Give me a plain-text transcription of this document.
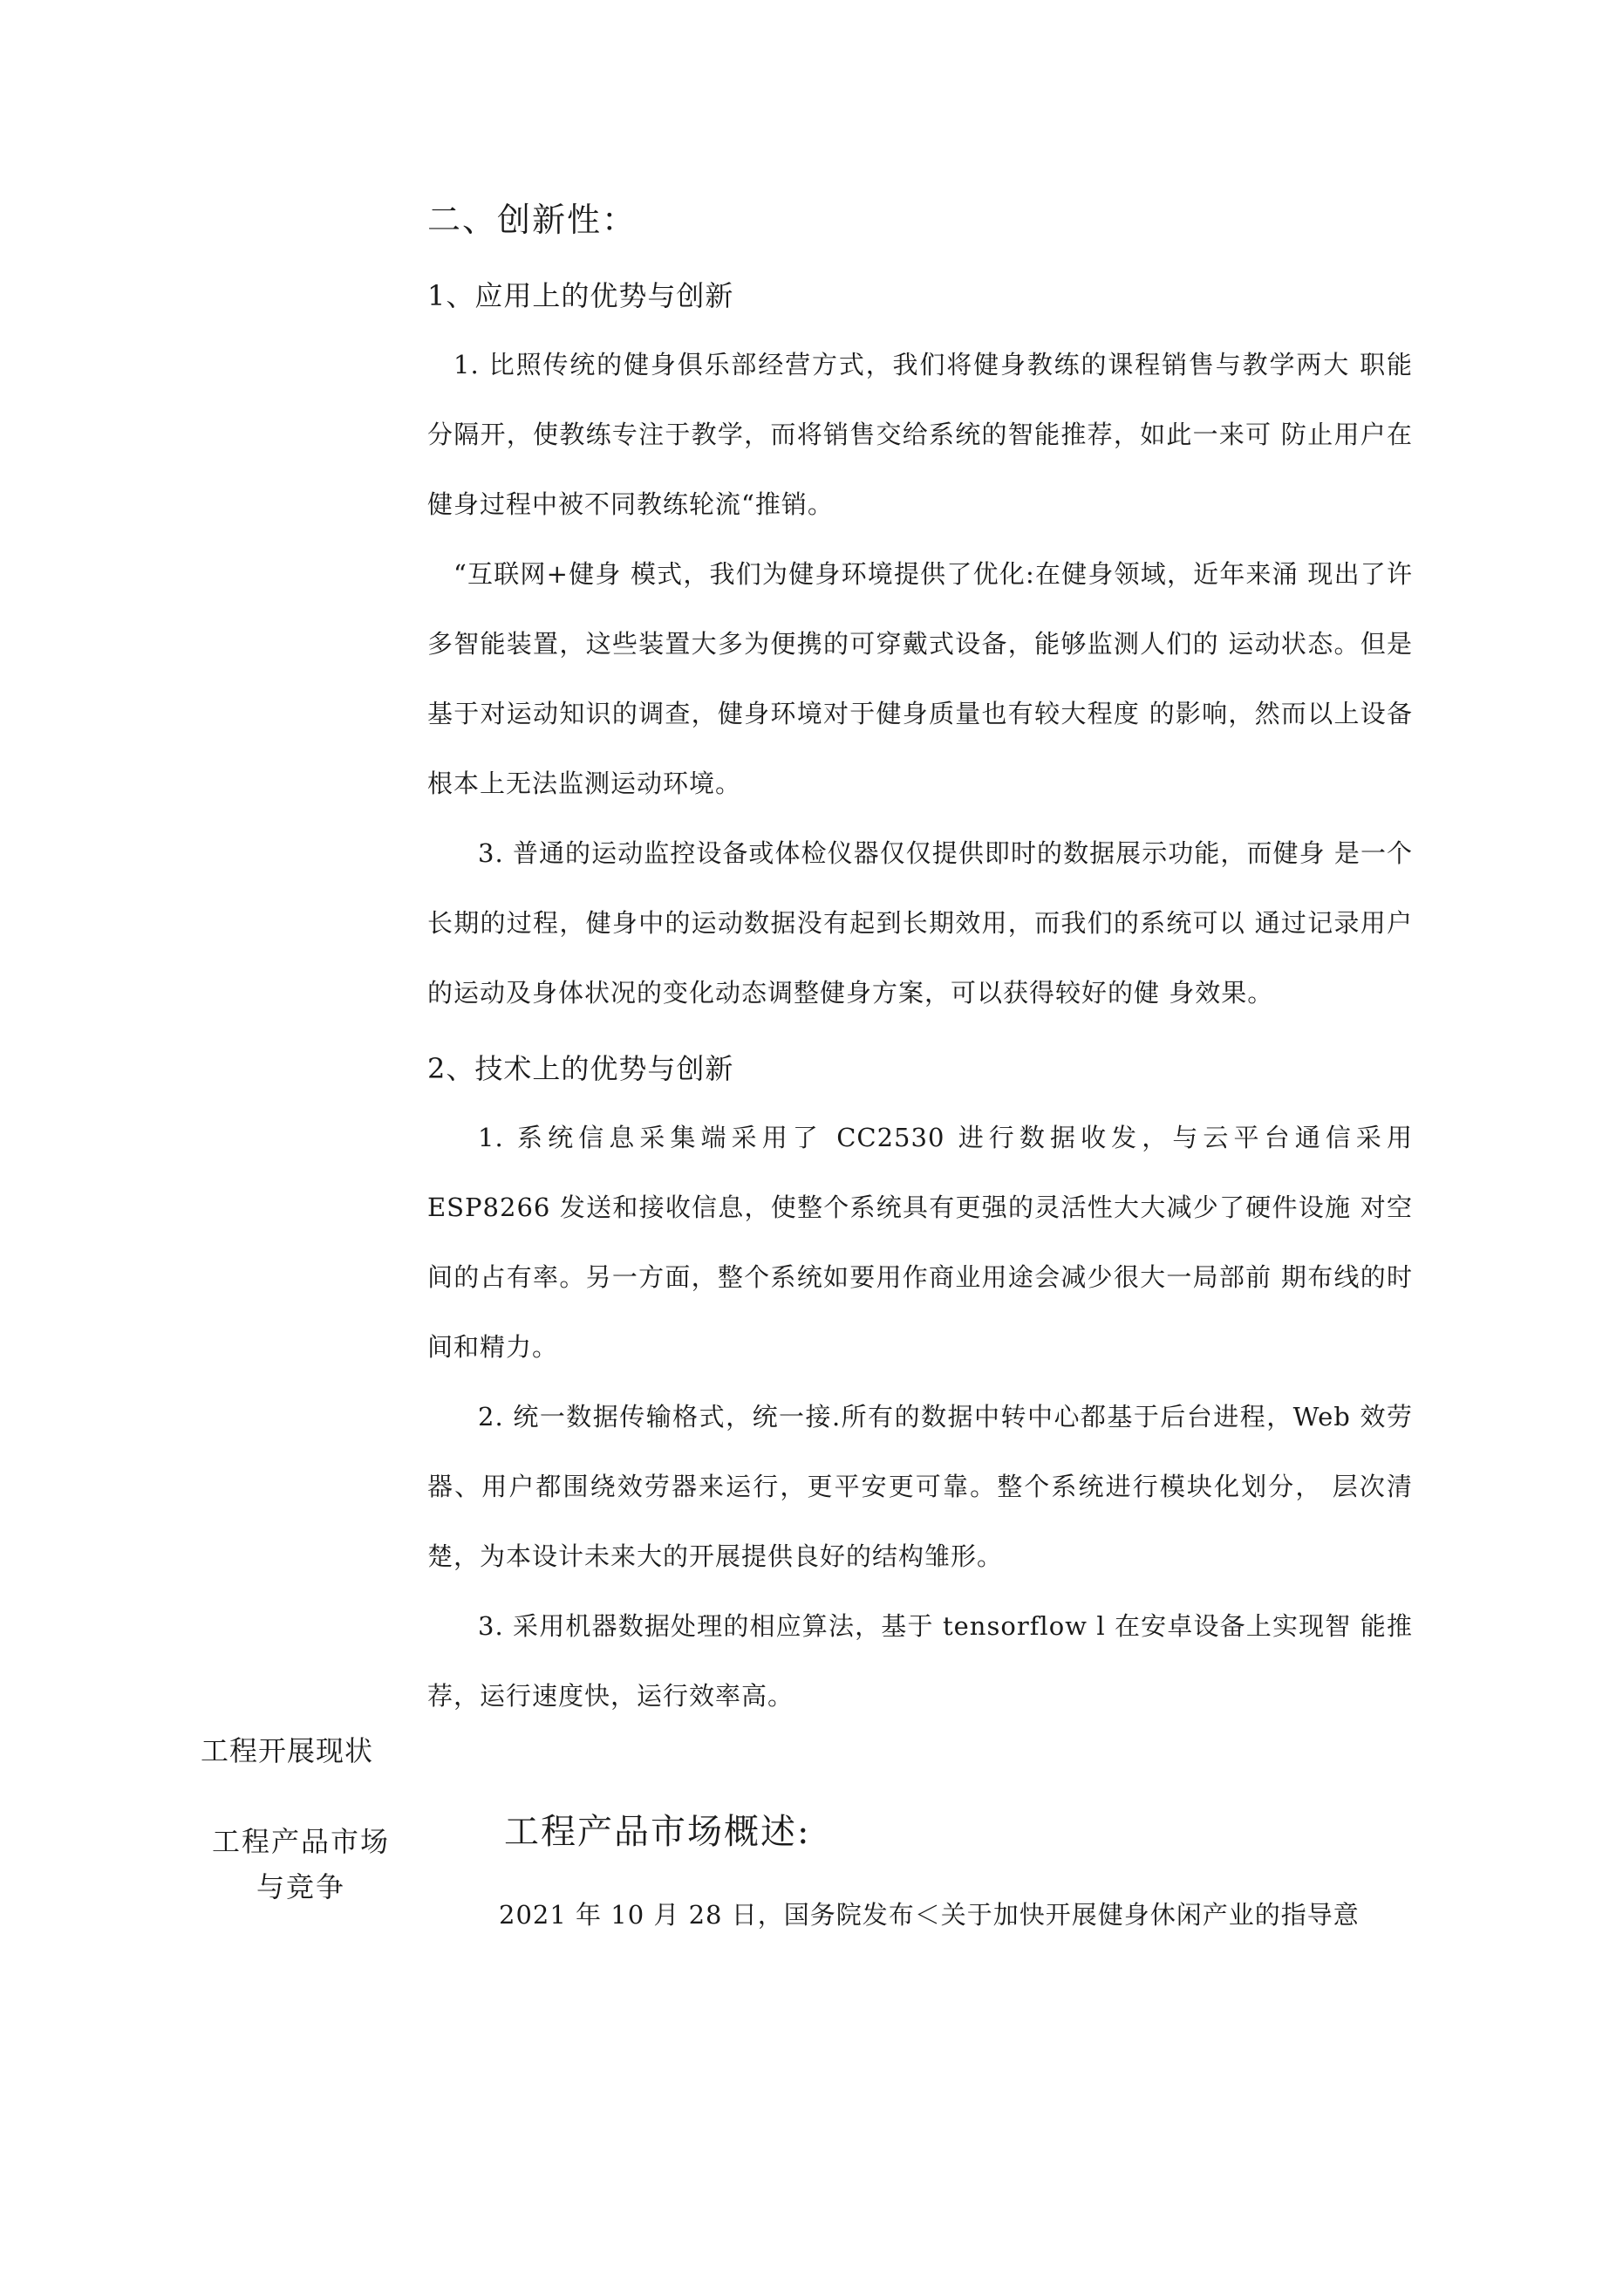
二、创新性：
1、应用上的优势与创新

1. 比照传统的健身俱乐部经营方式，我们将健身教练的课程销售与教学两大 职能分隔开，使教练专注于教学，而将销售交给系统的智能推荐，如此一来可 防止用户在健身过程中被不同教练轮流“推销。

“互联网+健身 模式，我们为健身环境提供了优化:在健身领域，近年来涌 现出了许多智能装置，这些装置大多为便携的可穿戴式设备，能够监测人们的 运动状态。但是基于对运动知识的调查，健身环境对于健身质量也有较大程度 的影响，然而以上设备根本上无法监测运动环境。

3. 普通的运动监控设备或体检仪器仅仅提供即时的数据展示功能，而健身 是一个长期的过程，健身中的运动数据没有起到长期效用，而我们的系统可以 通过记录用户的运动及身体状况的变化动态调整健身方案，可以获得较好的健 身效果。

2、技术上的优势与创新

1. 系统信息采集端采用了 CC2530 进行数据收发，与云平台通信采用 ESP8266 发送和接收信息，使整个系统具有更强的灵活性大大减少了硬件设施 对空间的占有率。另一方面，整个系统如要用作商业用途会减少很大一局部前 期布线的时间和精力。

2. 统一数据传输格式，统一接.所有的数据中转中心都基于后台进程，Web 效劳器、用户都围绕效劳器来运行，更平安更可靠。整个系统进行模块化划分， 层次清楚，为本设计未来大的开展提供良好的结构雏形。

3. 采用机器数据处理的相应算法，基于 tensorflow l 在安卓设备上实现智 能推荐，运行速度快，运行效率高。

工程开展现状
工程产品市场与竞争
工程产品市场概述:
2021 年 10 月 28 日，国务院发布＜关于加快开展健身休闲产业的指导意
